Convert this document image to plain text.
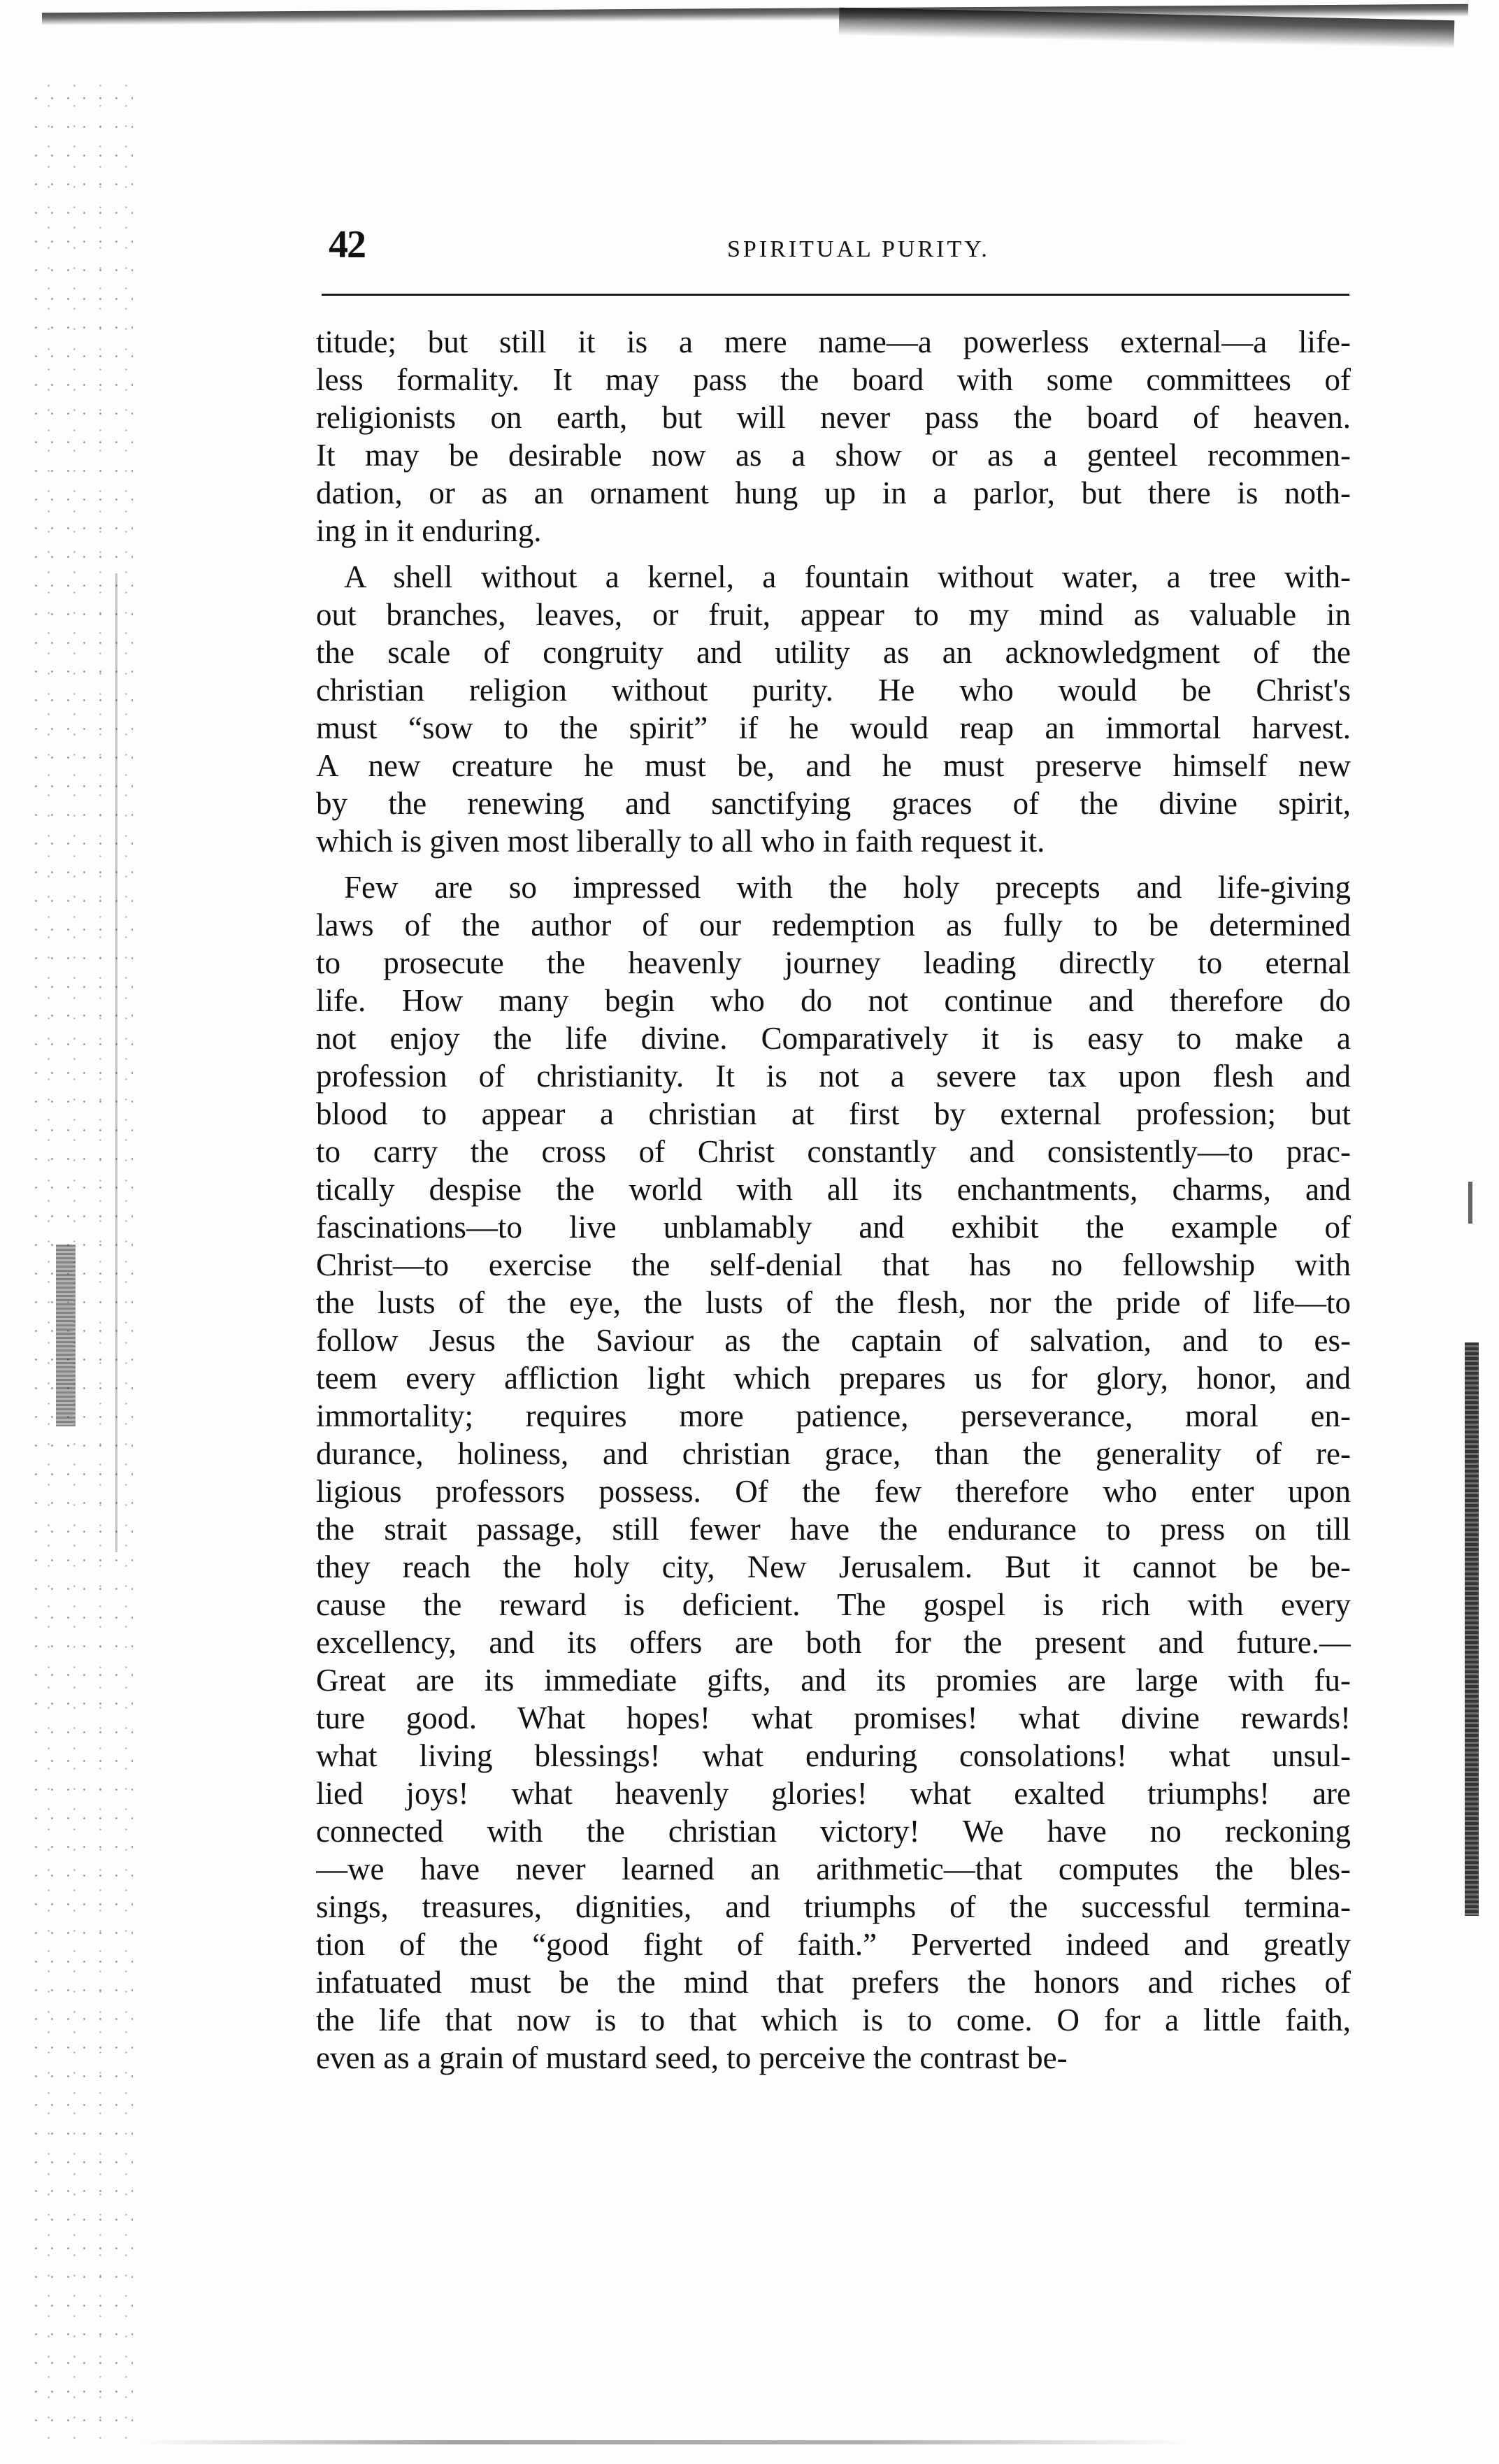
42	SPIRITUAL PURITY.
titude; but still it is a mere name—a powerless external—a life-
less formality. It may pass the board with some committees of
religionists on earth, but will never pass the board of heaven.
It may be desirable now as a show or as a genteel recommen-
dation, or as an ornament hung up in a parlor, but there is noth-
ing in it enduring.
A shell without a kernel, a fountain without water, a tree with-
out branches, leaves, or fruit, appear to my mind as valuable in
the scale of congruity and utility as an acknowledgment of the
christian religion without purity. He who would be Christ's
must “sow to the spirit” if he would reap an immortal harvest.
A new creature he must be, and he must preserve himself new
by the renewing and sanctifying graces of the divine spirit,
which is given most liberally to all who in faith request it.
Few are so impressed with the holy precepts and life-giving
laws of the author of our redemption as fully to be determined
to prosecute the heavenly journey leading directly to eternal
life. How many begin who do not continue and therefore do
not enjoy the life divine. Comparatively it is easy to make a
profession of christianity. It is not a severe tax upon flesh and
blood to appear a christian at first by external profession; but
to carry the cross of Christ constantly and consistently—to prac-
tically despise the world with all its enchantments, charms, and
fascinations—to live unblamably and exhibit the example of
Christ—to exercise the self-denial that has no fellowship with
the lusts of the eye, the lusts of the flesh, nor the pride of life—to
follow Jesus the Saviour as the captain of salvation, and to es-
teem every affliction light which prepares us for glory, honor, and
immortality; requires more patience, perseverance, moral en-
durance, holiness, and christian grace, than the generality of re-
ligious professors possess. Of the few therefore who enter upon
the strait passage, still fewer have the endurance to press on till
they reach the holy city, New Jerusalem. But it cannot be be-
cause the reward is deficient. The gospel is rich with every
excellency, and its offers are both for the present and future.—
Great are its immediate gifts, and its promies are large with fu-
ture good. What hopes! what promises! what divine rewards!
what living blessings! what enduring consolations! what unsul-
lied joys! what heavenly glories! what exalted triumphs! are
connected with the christian victory! We have no reckoning
—we have never learned an arithmetic—that computes the bles-
sings, treasures, dignities, and triumphs of the successful termina-
tion of the “good fight of faith.” Perverted indeed and greatly
infatuated must be the mind that prefers the honors and riches of
the life that now is to that which is to come. O for a little faith,
even as a grain of mustard seed, to perceive the contrast be-
